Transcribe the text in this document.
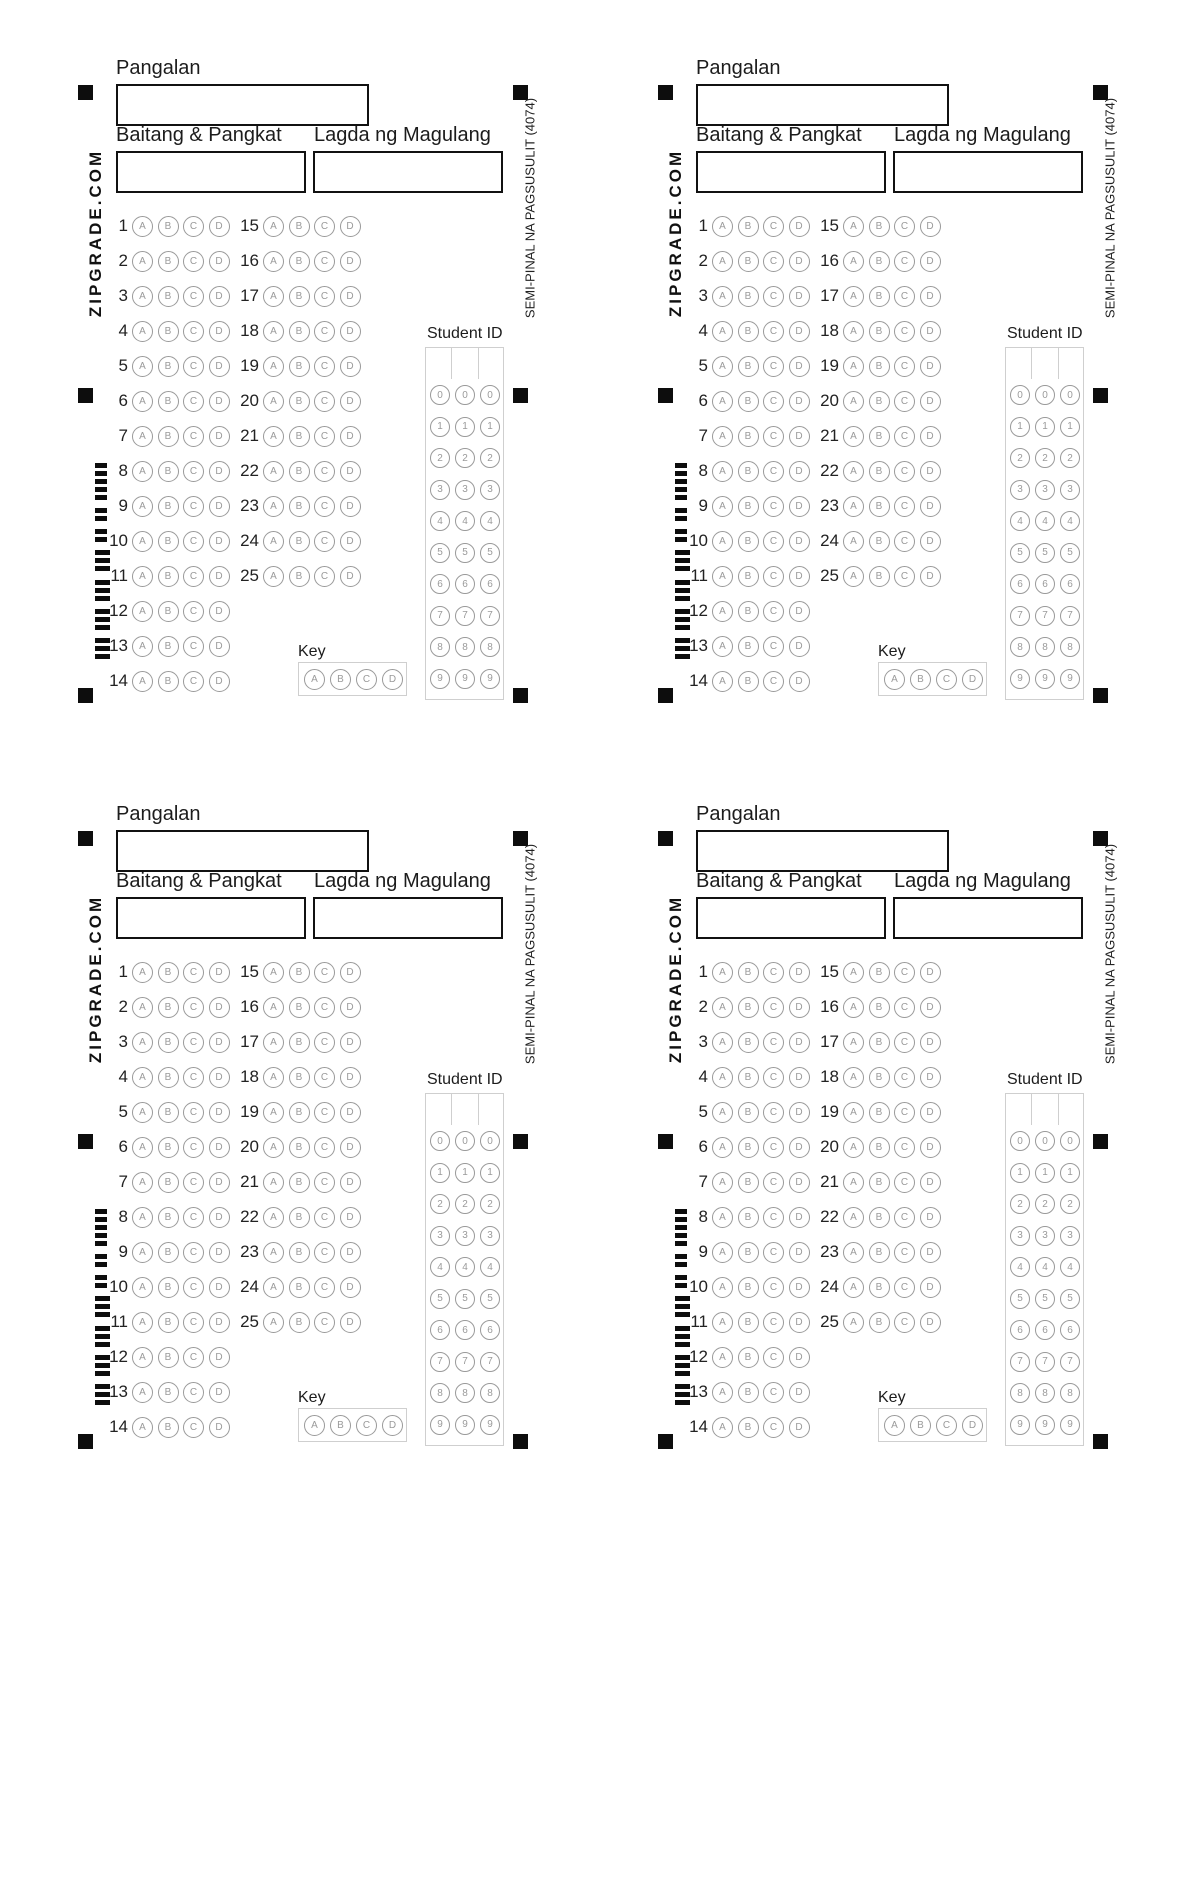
ZIPGRADE.COM
Pangalan
Baitang & Pangkat Lagda ng Magulang SEMI-PINAL NA PAGSUSULIT (4074)
1	A	B	C	D
2	A	B	C	D
3	A	B	C	D
4	A	B	C	D
5	A	B	C	D
6	A	B	C	D
7	A	B	C	D
8	A	B	C	D
9	A	B	C	D
10	A	B	C	D
11	A	B	C	D
12	A	B	C	D
13	A	B	C	D
14	A	B	C	D
15	A	B	C	D
16	A	B	C	D
17	A	B	C	D
18	A	B	C	D
19	A	B	C	D
20	A	B	C	D
21	A	B	C	D
22	A	B	C	D
23	A	B	C	D
24	A	B	C	D
25	A	B	C	D
Key
A	B	C	D
Student ID
0	0	0
1	1	1
2	2	2
3	3	3
4	4	4
5	5	5
6	6	6
7	7	7
8	8	8
9	9	9
ZIPGRADE.COM
Pangalan
Baitang & Pangkat Lagda ng Magulang SEMI-PINAL NA PAGSUSULIT (4074)
1	A	B	C	D
2	A	B	C	D
3	A	B	C	D
4	A	B	C	D
5	A	B	C	D
6	A	B	C	D
7	A	B	C	D
8	A	B	C	D
9	A	B	C	D
10	A	B	C	D
11	A	B	C	D
12	A	B	C	D
13	A	B	C	D
14	A	B	C	D
15	A	B	C	D
16	A	B	C	D
17	A	B	C	D
18	A	B	C	D
19	A	B	C	D
20	A	B	C	D
21	A	B	C	D
22	A	B	C	D
23	A	B	C	D
24	A	B	C	D
25	A	B	C	D
Key
A	B	C	D
Student ID
0	0	0
1	1	1
2	2	2
3	3	3
4	4	4
5	5	5
6	6	6
7	7	7
8	8	8
9	9	9
ZIPGRADE.COM
Pangalan
Baitang & Pangkat Lagda ng Magulang SEMI-PINAL NA PAGSUSULIT (4074)
1	A	B	C	D
2	A	B	C	D
3	A	B	C	D
4	A	B	C	D
5	A	B	C	D
6	A	B	C	D
7	A	B	C	D
8	A	B	C	D
9	A	B	C	D
10	A	B	C	D
11	A	B	C	D
12	A	B	C	D
13	A	B	C	D
14	A	B	C	D
15	A	B	C	D
16	A	B	C	D
17	A	B	C	D
18	A	B	C	D
19	A	B	C	D
20	A	B	C	D
21	A	B	C	D
22	A	B	C	D
23	A	B	C	D
24	A	B	C	D
25	A	B	C	D
Key
A	B	C	D
Student ID
0	0	0
1	1	1
2	2	2
3	3	3
4	4	4
5	5	5
6	6	6
7	7	7
8	8	8
9	9	9
ZIPGRADE.COM
Pangalan
Baitang & Pangkat Lagda ng Magulang SEMI-PINAL NA PAGSUSULIT (4074)
1	A	B	C	D
2	A	B	C	D
3	A	B	C	D
4	A	B	C	D
5	A	B	C	D
6	A	B	C	D
7	A	B	C	D
8	A	B	C	D
9	A	B	C	D
10	A	B	C	D
11	A	B	C	D
12	A	B	C	D
13	A	B	C	D
14	A	B	C	D
15	A	B	C	D
16	A	B	C	D
17	A	B	C	D
18	A	B	C	D
19	A	B	C	D
20	A	B	C	D
21	A	B	C	D
22	A	B	C	D
23	A	B	C	D
24	A	B	C	D
25	A	B	C	D
Key
A	B	C	D
Student ID
0	0	0
1	1	1
2	2	2
3	3	3
4	4	4
5	5	5
6	6	6
7	7	7
8	8	8
9	9	9
